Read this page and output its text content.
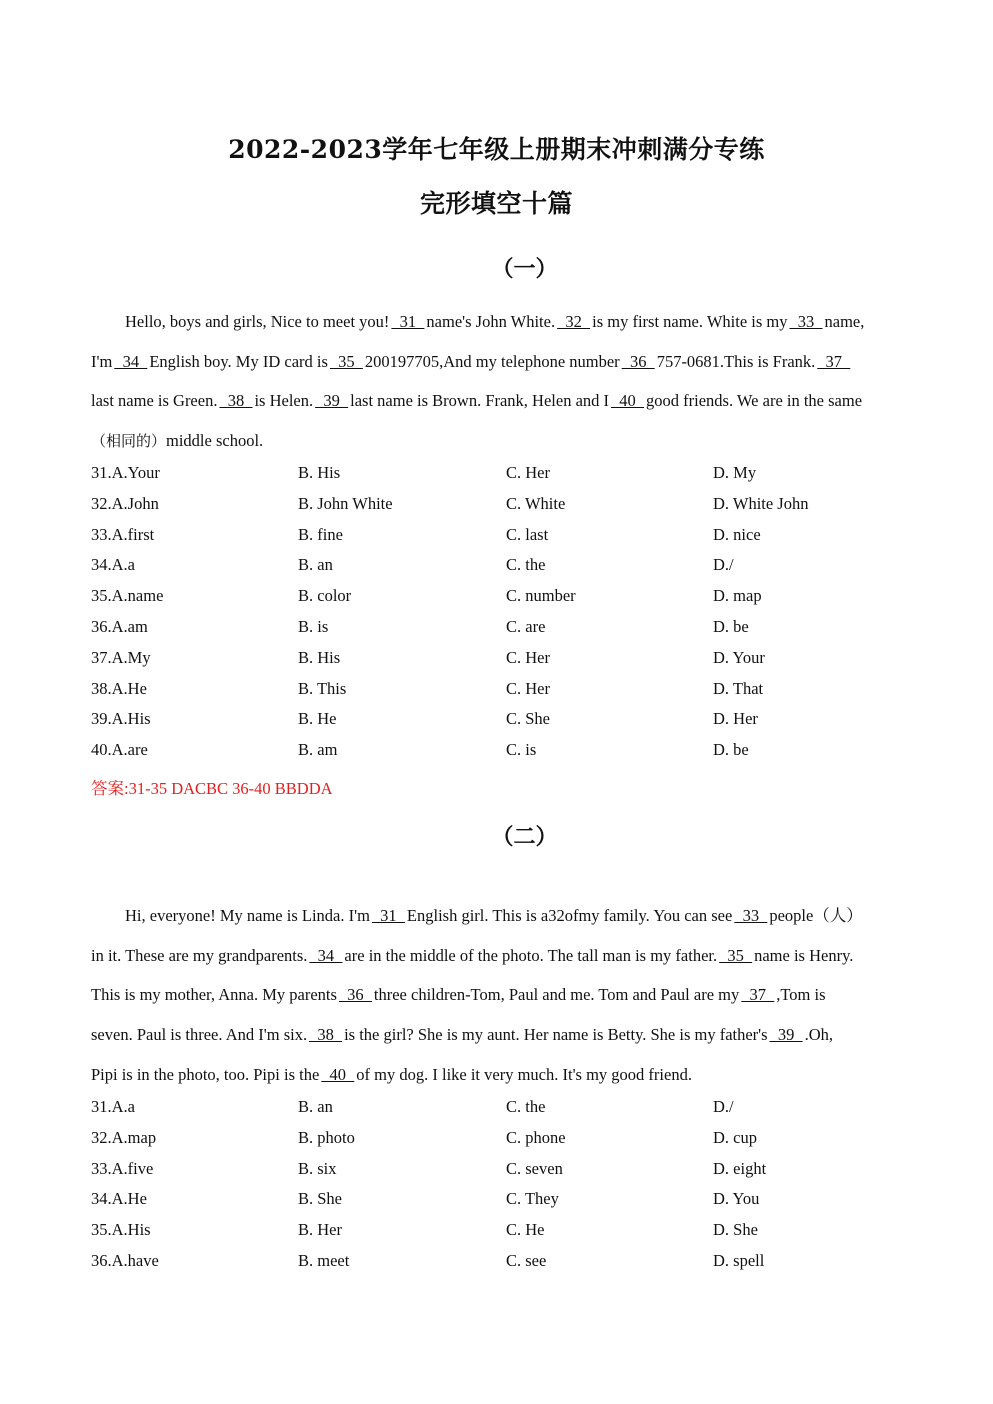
2022-2023学年七年级上册期末冲刺满分专练
完形填空十篇
（一）
Hello, boys and girls, Nice to meet you!  31  name's John White.  32  is my first name. White is my  33  name,
I'm  34  English boy. My ID card is  35  200197705,And my telephone number  36  757-0681.This is Frank.  37
last name is Green.  38  is Helen.  39  last name is Brown. Frank, Helen and I  40  good friends. We are in the same
（相同的）middle school.
31.A.Your	B. His	C. Her	D. My
32.A.John	B. John White	C. White	D. White John
33.A.first	B. fine	C. last	D. nice
34.A.a	B. an	C. the	D./
35.A.name	B. color	C. number	D. map
36.A.am	B. is	C. are	D. be
37.A.My	B. His	C. Her	D. Your
38.A.He	B. This	C. Her	D. That
39.A.His	B. He	C. She	D. Her
40.A.are	B. am	C. is	D. be
答案:31-35 DACBC 36-40 BBDDA
（二）
Hi, everyone! My name is Linda. I'm  31  English girl. This is a32ofmy family. You can see  33  people（人）
in it. These are my grandparents.  34  are in the middle of the photo. The tall man is my father.  35  name is Henry.
This is my mother, Anna. My parents  36  three children-Tom, Paul and me. Tom and Paul are my  37  ,Tom is
seven. Paul is three. And I'm six.  38  is the girl? She is my aunt. Her name is Betty. She is my father's  39  .Oh,
Pipi is in the photo, too. Pipi is the  40  of my dog. I like it very much. It's my good friend.
31.A.a	B. an	C. the	D./
32.A.map	B. photo	C. phone	D. cup
33.A.five	B. six	C. seven	D. eight
34.A.He	B. She	C. They	D. You
35.A.His	B. Her	C. He	D. She
36.A.have	B. meet	C. see	D. spell
